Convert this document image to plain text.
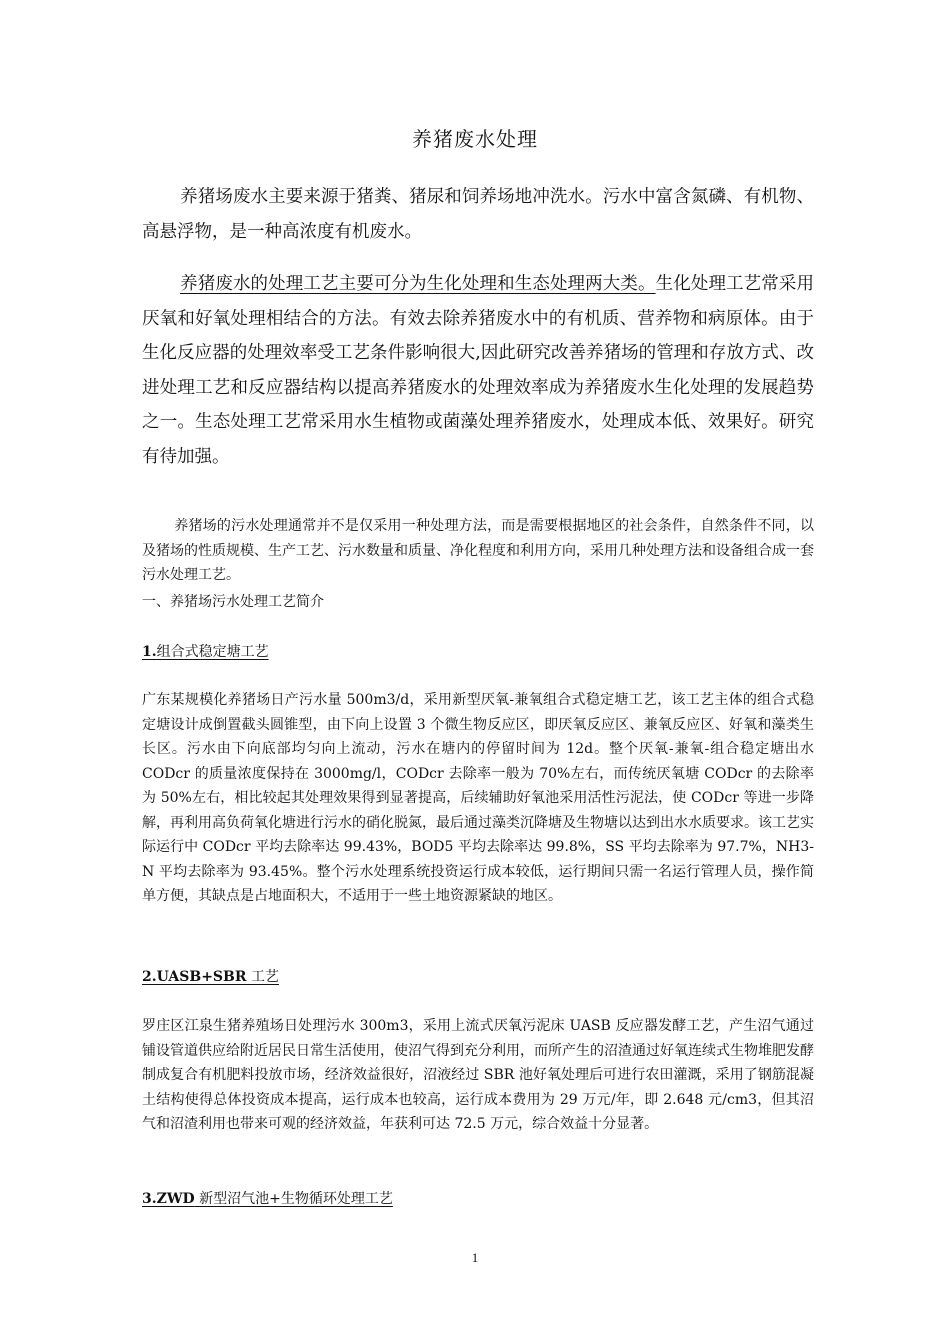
养猪废水处理

养猪场废水主要来源于猪粪、猪尿和饲养场地冲洗水。污水中富含氮磷、有机物、高悬浮物，是一种高浓度有机废水。

养猪废水的处理工艺主要可分为生化处理和生态处理两大类。生化处理工艺常采用厌氧和好氧处理相结合的方法。有效去除养猪废水中的有机质、营养物和病原体。由于生化反应器的处理效率受工艺条件影响很大,因此研究改善养猪场的管理和存放方式、改进处理工艺和反应器结构以提高养猪废水的处理效率成为养猪废水生化处理的发展趋势之一。生态处理工艺常采用水生植物或菌藻处理养猪废水，处理成本低、效果好。研究有待加强。

养猪场的污水处理通常并不是仅采用一种处理方法，而是需要根据地区的社会条件，自然条件不同，以及猪场的性质规模、生产工艺、污水数量和质量、净化程度和利用方向，采用几种处理方法和设备组合成一套污水处理工艺。

一、养猪场污水处理工艺简介

1.组合式稳定塘工艺

广东某规模化养猪场日产污水量 500m3/d，采用新型厌氧-兼氧组合式稳定塘工艺，该工艺主体的组合式稳定塘设计成倒置截头圆锥型，由下向上设置 3 个微生物反应区，即厌氧反应区、兼氧反应区、好氧和藻类生长区。污水由下向底部均匀向上流动，污水在塘内的停留时间为 12d。整个厌氧-兼氧-组合稳定塘出水 CODcr 的质量浓度保持在 3000mg/l，CODcr 去除率一般为 70%左右，而传统厌氧塘 CODcr 的去除率为 50%左右，相比较起其处理效果得到显著提高，后续辅助好氧池采用活性污泥法，使 CODcr 等进一步降解，再利用高负荷氧化塘进行污水的硝化脱氮，最后通过藻类沉降塘及生物塘以达到出水水质要求。该工艺实际运行中 CODcr 平均去除率达 99.43%，BOD5 平均去除率达 99.8%，SS 平均去除率为 97.7%，NH3-N 平均去除率为 93.45%。整个污水处理系统投资运行成本较低，运行期间只需一名运行管理人员，操作简单方便，其缺点是占地面积大，不适用于一些土地资源紧缺的地区。

2.UASB+SBR 工艺

罗庄区江泉生猪养殖场日处理污水 300m3，采用上流式厌氧污泥床 UASB 反应器发酵工艺，产生沼气通过铺设管道供应给附近居民日常生活使用，使沼气得到充分利用，而所产生的沼渣通过好氧连续式生物堆肥发酵制成复合有机肥料投放市场，经济效益很好，沼液经过 SBR 池好氧处理后可进行农田灌溉，采用了钢筋混凝土结构使得总体投资成本提高，运行成本也较高，运行成本费用为 29 万元/年，即 2.648 元/cm3，但其沼气和沼渣利用也带来可观的经济效益，年获利可达 72.5 万元，综合效益十分显著。

3.ZWD 新型沼气池+生物循环处理工艺

1
